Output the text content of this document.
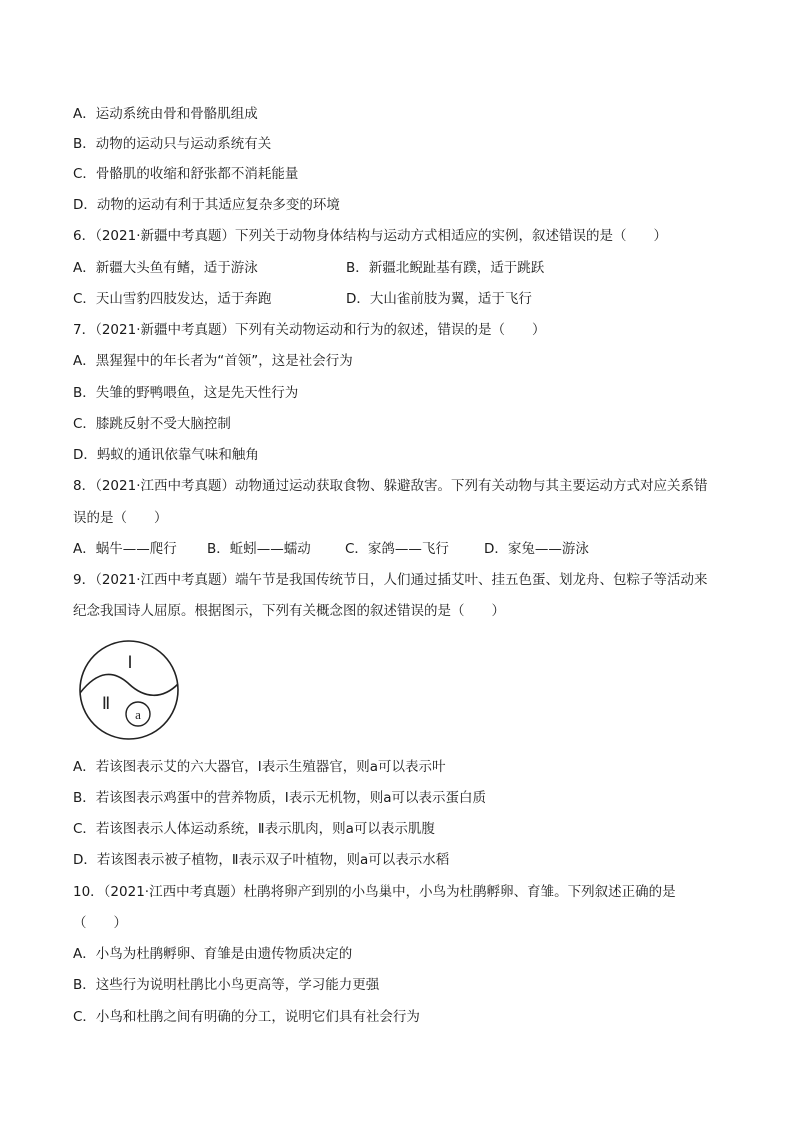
A．运动系统由骨和骨骼肌组成
B．动物的运动只与运动系统有关
C．骨骼肌的收缩和舒张都不消耗能量
D．动物的运动有利于其适应复杂多变的环境
6．（2021·新疆中考真题）下列关于动物身体结构与运动方式相适应的实例，叙述错误的是（　　）
A．新疆大头鱼有鳍，适于游泳	B．新疆北鲵趾基有蹼，适于跳跃
C．天山雪豹四肢发达，适于奔跑	D．大山雀前肢为翼，适于飞行
7．（2021·新疆中考真题）下列有关动物运动和行为的叙述，错误的是（　　）
A．黑猩猩中的年长者为“首领”，这是社会行为
B．失雏的野鸭喂鱼，这是先天性行为
C．膝跳反射不受大脑控制
D．蚂蚁的通讯依靠气味和触角
8．（2021·江西中考真题）动物通过运动获取食物、躲避敌害。下列有关动物与其主要运动方式对应关系错
误的是（　　）
A．蜗牛——爬行 B．蚯蚓——蠕动	C．家鸽——飞行	D．家兔——游泳
9．（2021·江西中考真题）端午节是我国传统节日，人们通过插艾叶、挂五色蛋、划龙舟、包粽子等活动来
纪念我国诗人屈原。根据图示，下列有关概念图的叙述错误的是（　　）
Ⅰ
Ⅱ
a
A．若该图表示艾的六大器官，Ⅰ表示生殖器官，则a可以表示叶
B．若该图表示鸡蛋中的营养物质，Ⅰ表示无机物，则a可以表示蛋白质
C．若该图表示人体运动系统，Ⅱ表示肌肉，则a可以表示肌腹
D．若该图表示被子植物，Ⅱ表示双子叶植物，则a可以表示水稻
10．（2021·江西中考真题）杜鹃将卵产到别的小鸟巢中，小鸟为杜鹃孵卵、育雏。下列叙述正确的是
（　　）
A．小鸟为杜鹃孵卵、育雏是由遗传物质决定的
B．这些行为说明杜鹃比小鸟更高等，学习能力更强
C．小鸟和杜鹃之间有明确的分工，说明它们具有社会行为
